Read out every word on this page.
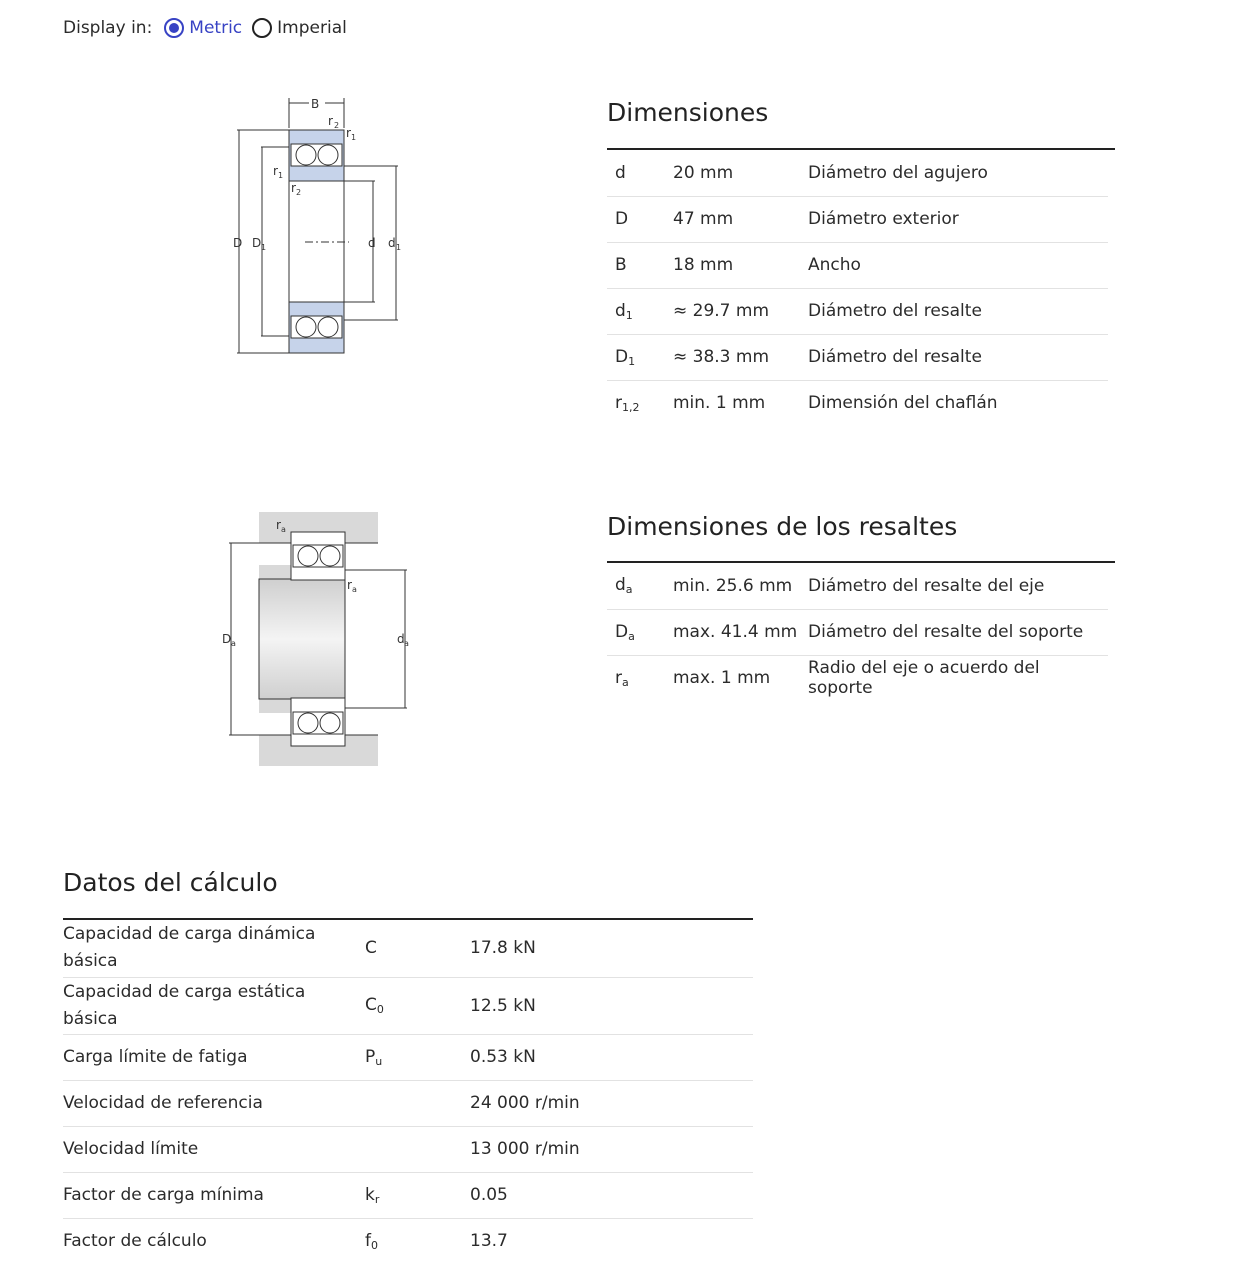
Display in: Metric Imperial
B
r 2
r 1
r 1
r 2
D D 1	d d 1
r a
r a
D a	d a
Dimensiones
d	20 mm	Diámetro del agujero
D	47 mm	Diámetro exterior
B	18 mm	Ancho
$d_1$	≈ 29.7 mm	Diámetro del resalte
$D_1$	≈ 38.3 mm	Diámetro del resalte
$r_{1,2}$	min. 1 mm	Dimensión del chaflán
Dimensiones de los resaltes
$d_a$	min. 25.6 mm	Diámetro del resalte del eje
$D_a$	max. 41.4 mm	Diámetro del resalte del soporte
$r_a$	max. 1 mm	Radio del eje o acuerdo del soporte
Datos del cálculo
Capacidad de carga dinámica básica	C	17.8 kN
Capacidad de carga estática básica	$C_0$	12.5 kN
Carga límite de fatiga	$P_u$	0.53 kN
Velocidad de referencia		24 000 r/min
Velocidad límite		13 000 r/min
Factor de carga mínima	$k_r$	0.05
Factor de cálculo	$f_0$	13.7
